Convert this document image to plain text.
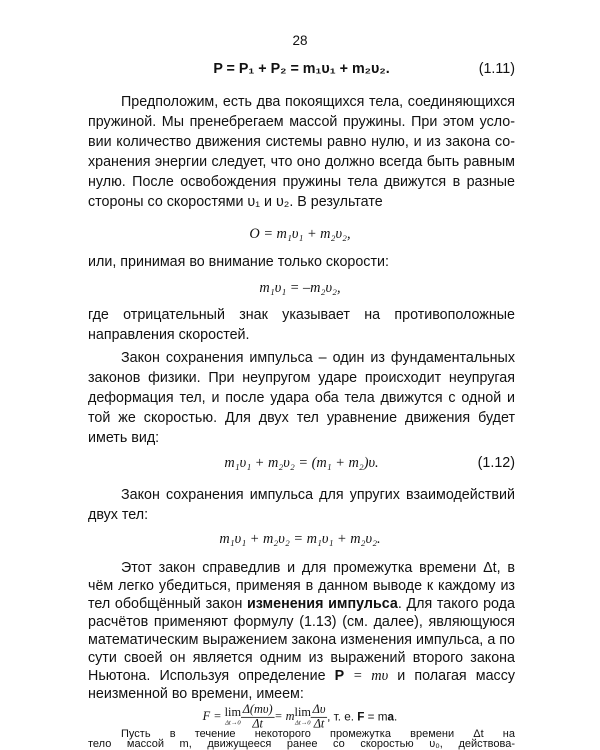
28
P = P₁ + P₂ = m₁υ₁ + m₂υ₂.	(1.11)
Предположим, есть два покоящихся тела, соединяющихся
пружиной. Мы пренебрегаем массой пружины. При этом усло-
вии количество движения системы равно нулю, и из закона со-
хранения энергии следует, что оно должно всегда быть равным
нулю. После освобождения пружины тела движутся в разные
стороны со скоростями υ₁ и υ₂. В результате
O = m₁υ₁ + m₂υ₂,
или, принимая во внимание только скорости:
m₁υ₁ = –m₂υ₂,
где отрицательный знак указывает на противоположные
направления скоростей.
Закон сохранения импульса – один из фундаментальных
законов физики. При неупругом ударе происходит неупругая
деформация тел, и после удара оба тела движутся с одной и
той же скоростью. Для двух тел уравнение движения будет
иметь вид:
m₁υ₁ + m₂υ₂ = (m₁ + m₂)υ.	(1.12)
Закон сохранения импульса для упругих взаимодействий
двух тел:
m₁υ₁ + m₂υ₂ = m₁υ₁ + m₂υ₂.
Этот закон справедлив и для промежутка времени Δt, в
чём легко убедиться, применяя в данном выводе к каждому из
тел обобщённый закон изменения импульса. Для такого рода
расчётов применяют формулу (1.13) (см. далее), являющуюся
математическим выражением закона изменения импульса, а по
сути своей он является одним из выражений второго закона
Ньютона. Используя определение P = mυ и полагая массу
неизменной во времени, имеем:
F = lim
$\Delta t\to 0 \frac{\Delta(m\upsilon)}{\Delta t} = m$ lim
$\Delta t\to 0 \frac{\Delta\upsilon}{\Delta t}$ , т. е. F = ma.
Пусть в течение некоторого промежутка времени Δt на
тело массой m, движущееся ранее со скоростью υ₀, действова-
